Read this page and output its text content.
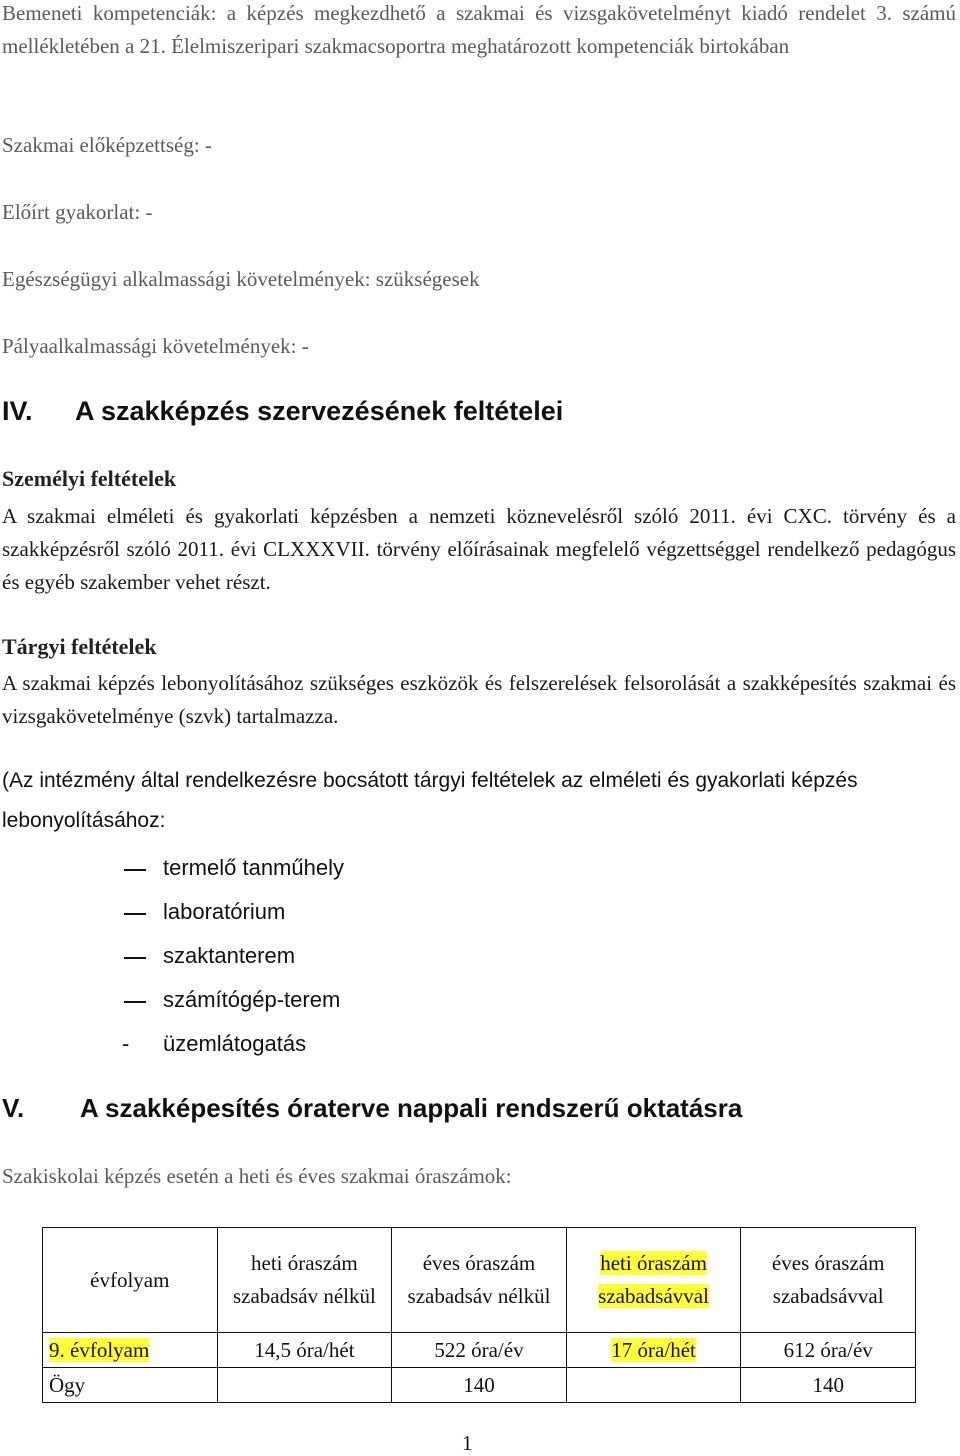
Bemeneti kompetenciák: a képzés megkezdhető a szakmai és vizsgakövetelményt kiadó rendelet 3. számú mellékletében a 21. Élelmiszeripari szakmacsoportra meghatározott kompetenciák birtokában
Szakmai előképzettség: -
Előírt gyakorlat: -
Egészségügyi alkalmassági követelmények: szükségesek
Pályaalkalmassági követelmények: -
IV. A szakképzés szervezésének feltételei
Személyi feltételek
A szakmai elméleti és gyakorlati képzésben a nemzeti köznevelésről szóló 2011. évi CXC. törvény és a szakképzésről szóló 2011. évi CLXXXVII. törvény előírásainak megfelelő végzettséggel rendelkező pedagógus és egyéb szakember vehet részt.
Tárgyi feltételek
A szakmai képzés lebonyolításához szükséges eszközök és felszerelések felsorolását a szakképesítés szakmai és vizsgakövetelménye (szvk) tartalmazza.
(Az intézmény által rendelkezésre bocsátott tárgyi feltételek az elméleti és gyakorlati képzés lebonyolításához:
termelő tanműhely
laboratórium
szaktanterem
számítógép-terem
- üzemlátogatás
V. A szakképesítés óraterve nappali rendszerű oktatásra
Szakiskolai képzés esetén a heti és éves szakmai óraszámok:
évfolyam	heti óraszám szabadsáv nélkül	éves óraszám szabadsáv nélkül	heti óraszám szabadsávval	éves óraszám szabadsávval
9. évfolyam	14,5 óra/hét	522 óra/év	17 óra/hét	612 óra/év
Ögy		140		140
1
